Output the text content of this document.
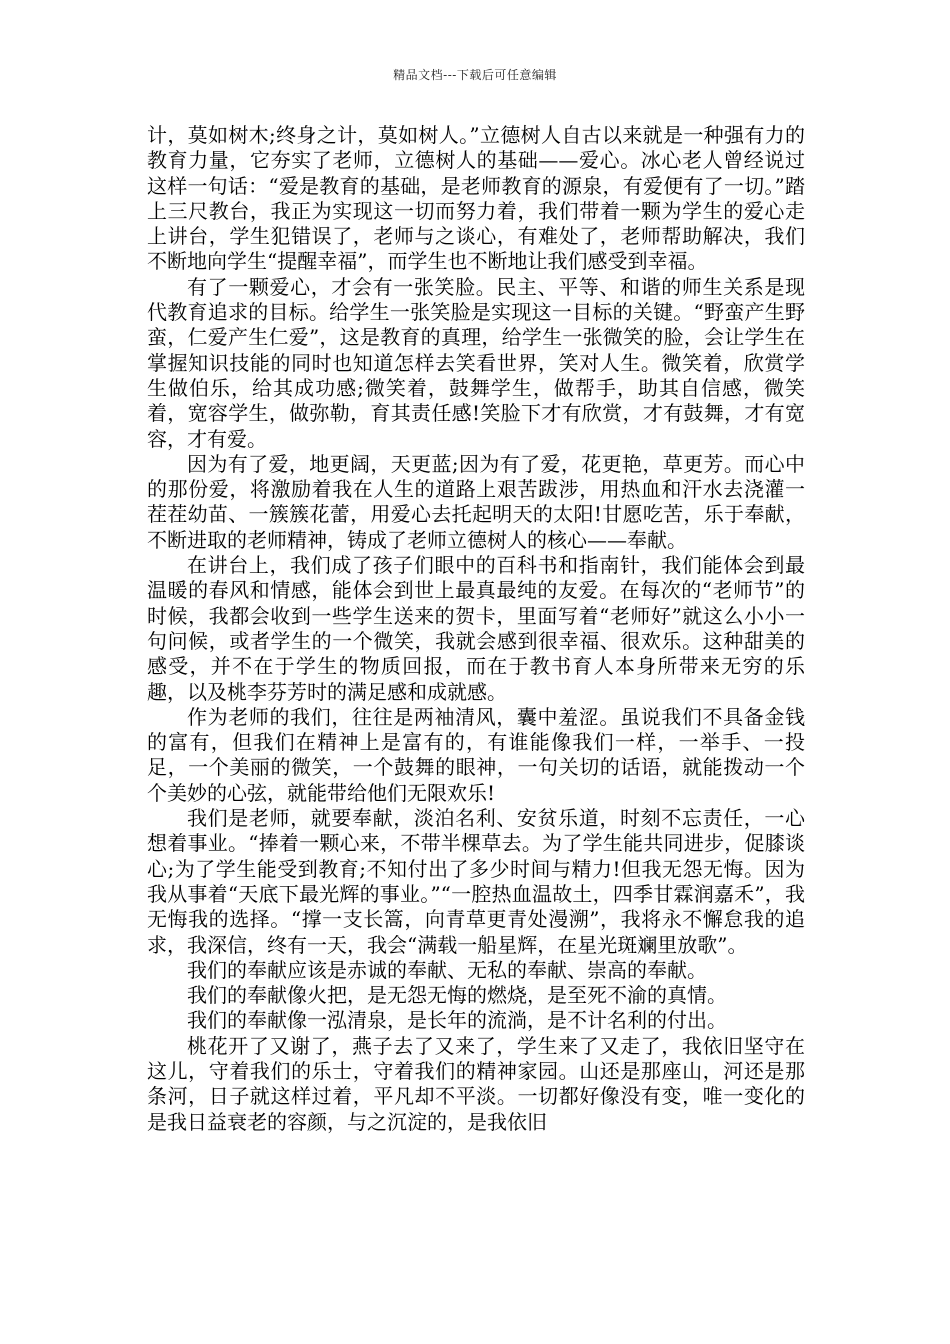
精品文档---下载后可任意编辑

计，莫如树木;终身之计，莫如树人。”立德树人自古以来就是一种强有力的教育力量，它夯实了老师，立德树人的基础——爱心。冰心老人曾经说过这样一句话：“爱是教育的基础，是老师教育的源泉，有爱便有了一切。”踏上三尺教台，我正为实现这一切而努力着，我们带着一颗为学生的爱心走上讲台，学生犯错误了，老师与之谈心，有难处了，老师帮助解决，我们不断地向学生“提醒幸福”，而学生也不断地让我们感受到幸福。

有了一颗爱心，才会有一张笑脸。民主、平等、和谐的师生关系是现代教育追求的目标。给学生一张笑脸是实现这一目标的关键。“野蛮产生野蛮，仁爱产生仁爱”，这是教育的真理，给学生一张微笑的脸，会让学生在掌握知识技能的同时也知道怎样去笑看世界，笑对人生。微笑着，欣赏学生做伯乐，给其成功感;微笑着，鼓舞学生，做帮手，助其自信感，微笑着，宽容学生，做弥勒，育其责任感!笑脸下才有欣赏，才有鼓舞，才有宽容，才有爱。

因为有了爱，地更阔，天更蓝;因为有了爱，花更艳，草更芳。而心中的那份爱，将激励着我在人生的道路上艰苦跋涉，用热血和汗水去浇灌一茬茬幼苗、一簇簇花蕾，用爱心去托起明天的太阳!甘愿吃苦，乐于奉献，不断进取的老师精神，铸成了老师立德树人的核心——奉献。

在讲台上，我们成了孩子们眼中的百科书和指南针，我们能体会到最温暖的春风和情感，能体会到世上最真最纯的友爱。在每次的“老师节”的时候，我都会收到一些学生送来的贺卡，里面写着“老师好”就这么小小一句问候，或者学生的一个微笑，我就会感到很幸福、很欢乐。这种甜美的感受，并不在于学生的物质回报，而在于教书育人本身所带来无穷的乐趣，以及桃李芬芳时的满足感和成就感。

作为老师的我们，往往是两袖清风，囊中羞涩。虽说我们不具备金钱的富有，但我们在精神上是富有的，有谁能像我们一样，一举手、一投足，一个美丽的微笑，一个鼓舞的眼神，一句关切的话语，就能拨动一个个美妙的心弦，就能带给他们无限欢乐!

我们是老师，就要奉献，淡泊名利、安贫乐道，时刻不忘责任，一心想着事业。“捧着一颗心来，不带半棵草去。为了学生能共同进步，促膝谈心;为了学生能受到教育;不知付出了多少时间与精力!但我无怨无悔。因为我从事着“天底下最光辉的事业。”“一腔热血温故土，四季甘霖润嘉禾”，我无悔我的选择。“撑一支长篙，向青草更青处漫溯”，我将永不懈怠我的追求，我深信，终有一天，我会“满载一船星辉，在星光斑斓里放歌”。

我们的奉献应该是赤诚的奉献、无私的奉献、崇高的奉献。

我们的奉献像火把，是无怨无悔的燃烧，是至死不渝的真情。

我们的奉献像一泓清泉，是长年的流淌，是不计名利的付出。

桃花开了又谢了，燕子去了又来了，学生来了又走了，我依旧坚守在这儿，守着我们的乐士，守着我们的精神家园。山还是那座山，河还是那条河，日子就这样过着，平凡却不平淡。一切都好像没有变，唯一变化的是我日益衰老的容颜，与之沉淀的，是我依旧
